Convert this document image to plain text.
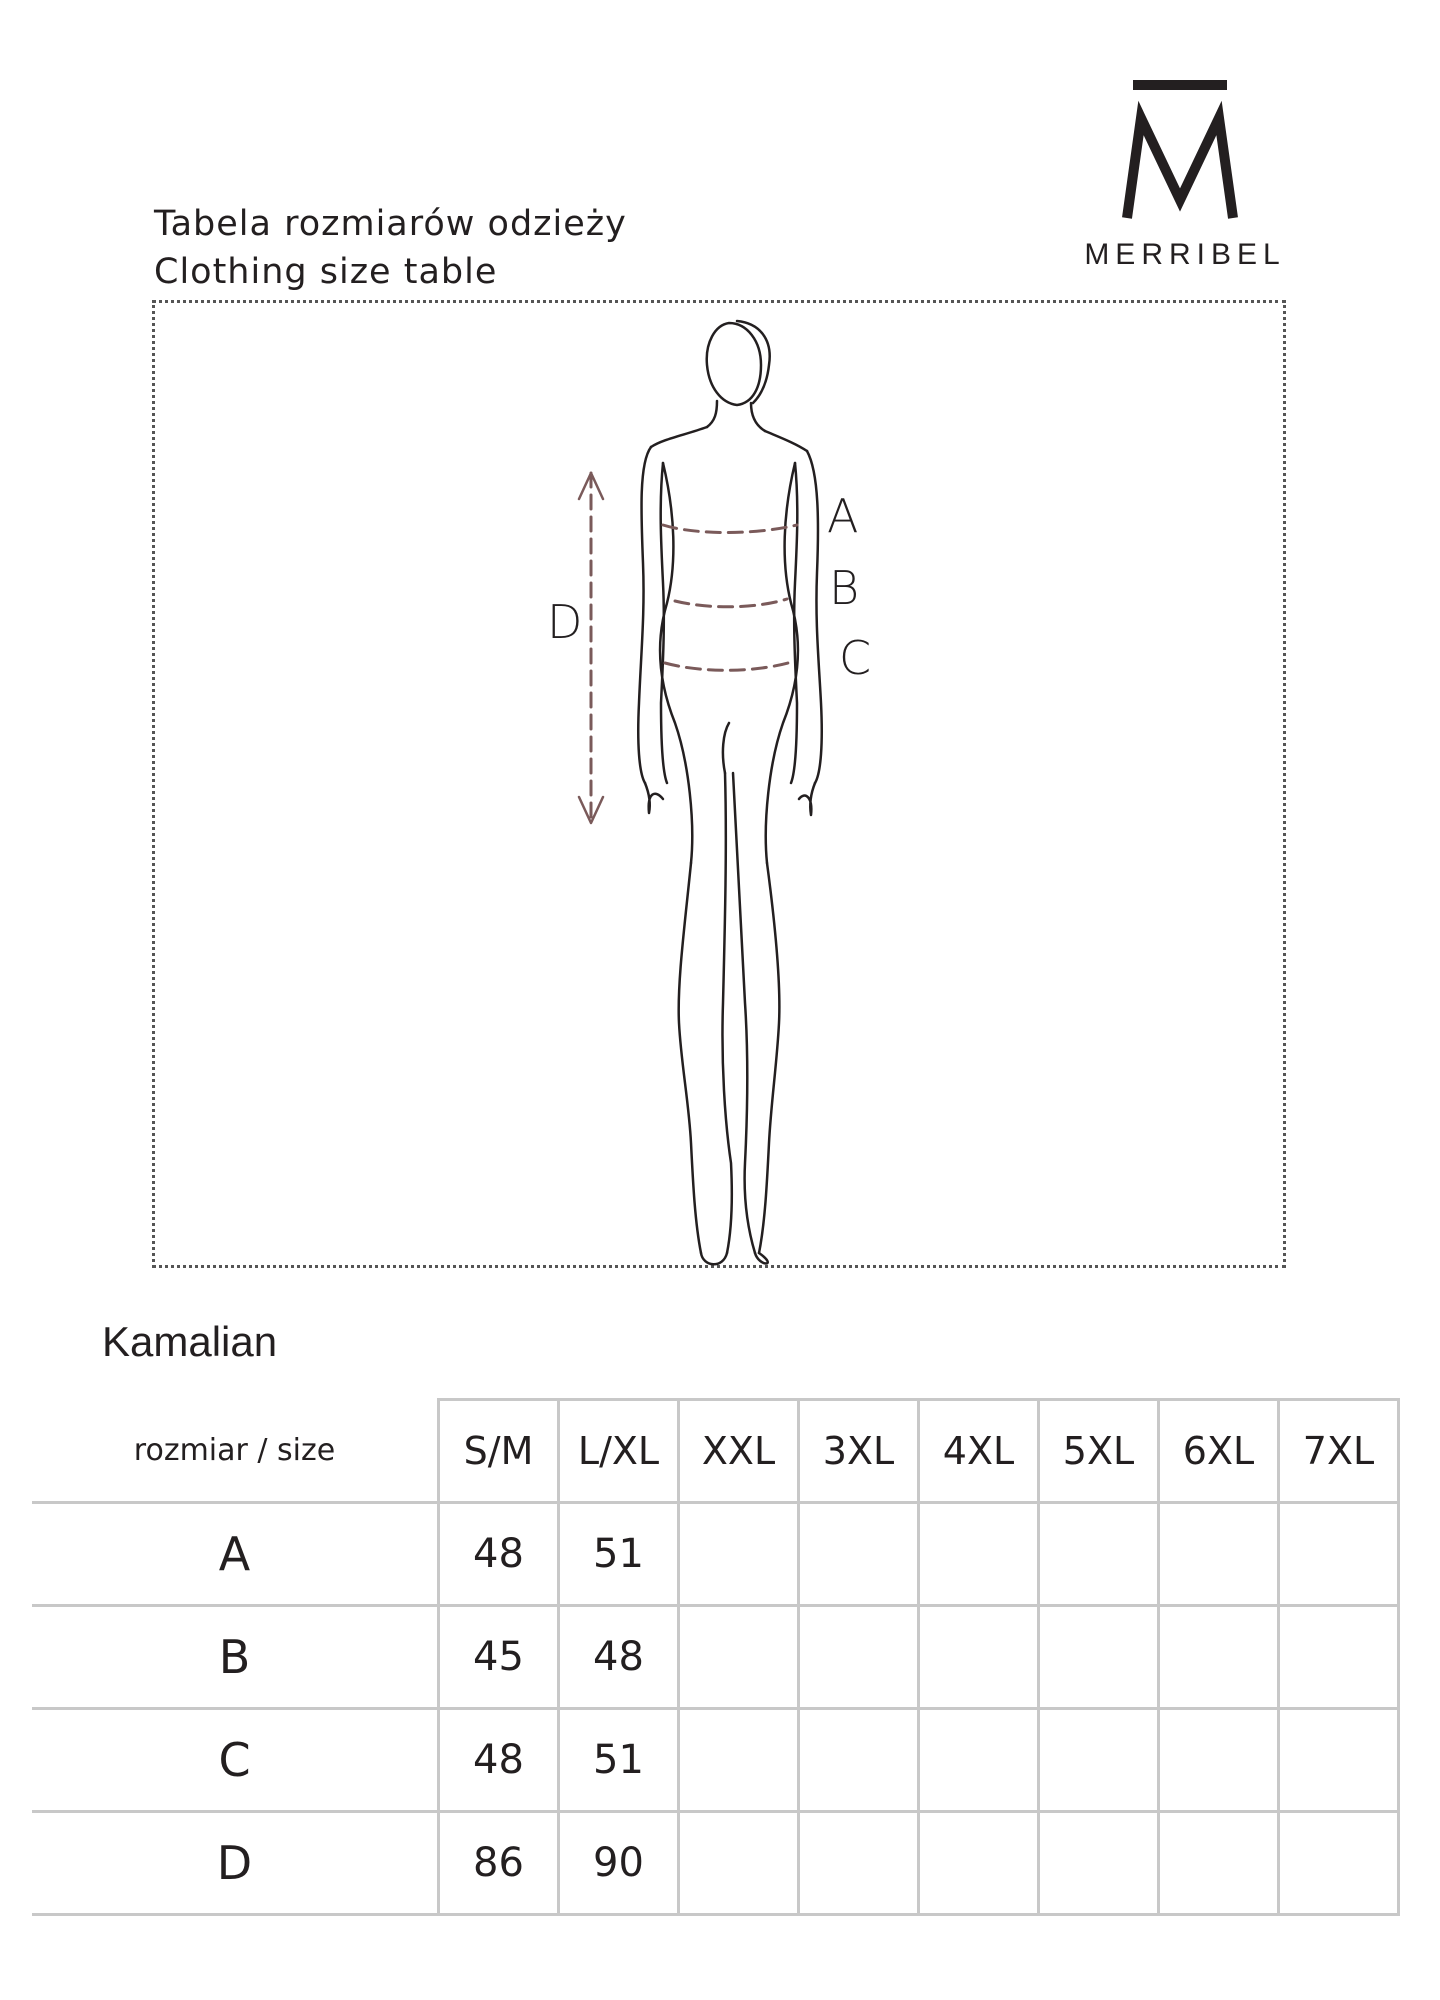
MERRIBEL
Tabela rozmiarów odzieży
Clothing size table
A
B
C
D
Kamalian
rozmiar / size	S/M	L/XL	XXL	3XL	4XL	5XL	6XL	7XL
A	48	51						
B	45	48						
C	48	51						
D	86	90						
